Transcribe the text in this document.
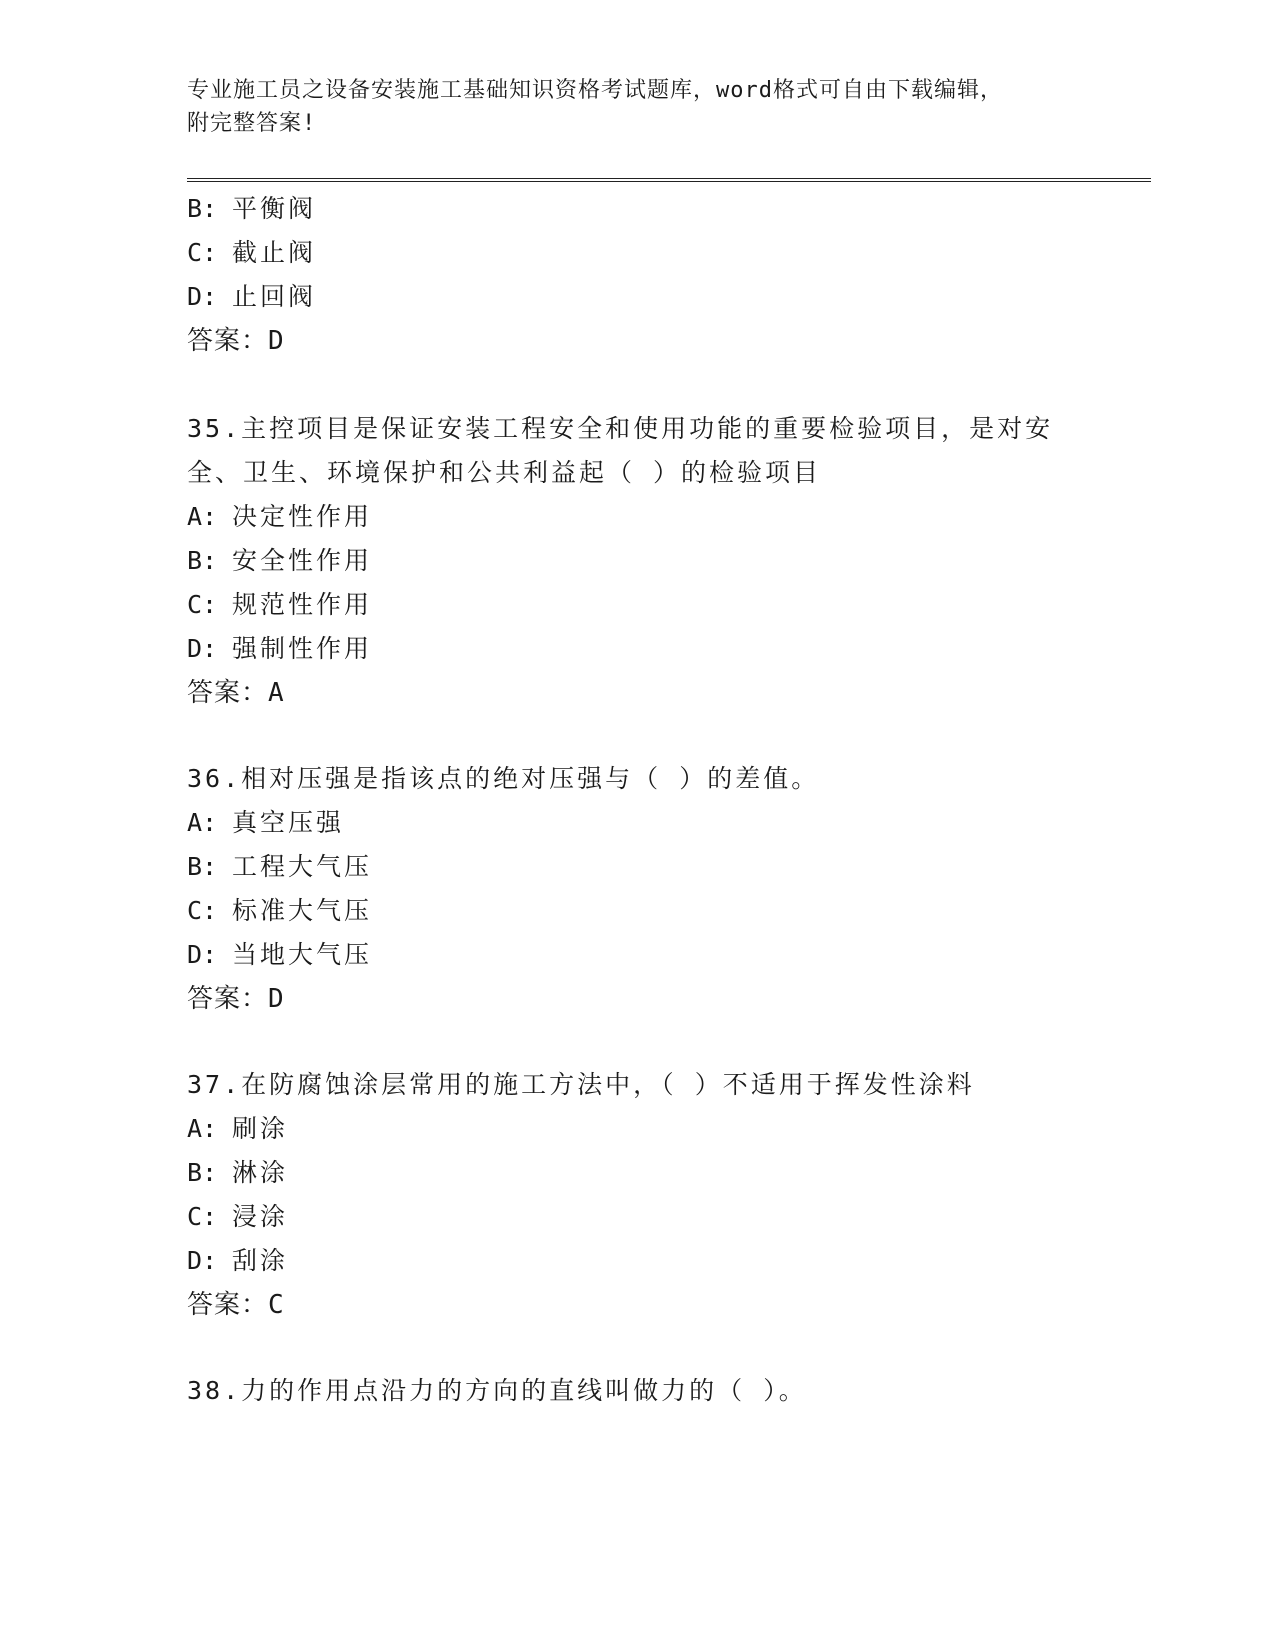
专业施工员之设备安装施工基础知识资格考试题库，word格式可自由下载编辑，
附完整答案!
B: 平衡阀
C: 截止阀
D: 止回阀
答案：D
35.主控项目是保证安装工程安全和使用功能的重要检验项目，是对安
全、卫生、环境保护和公共利益起（ ）的检验项目
A: 决定性作用
B: 安全性作用
C: 规范性作用
D: 强制性作用
答案：A
36.相对压强是指该点的绝对压强与（ ）的差值。
A: 真空压强
B: 工程大气压
C: 标准大气压
D: 当地大气压
答案：D
37.在防腐蚀涂层常用的施工方法中，（ ）不适用于挥发性涂料
A: 刷涂
B: 淋涂
C: 浸涂
D: 刮涂
答案：C
38.力的作用点沿力的方向的直线叫做力的（ ）。
